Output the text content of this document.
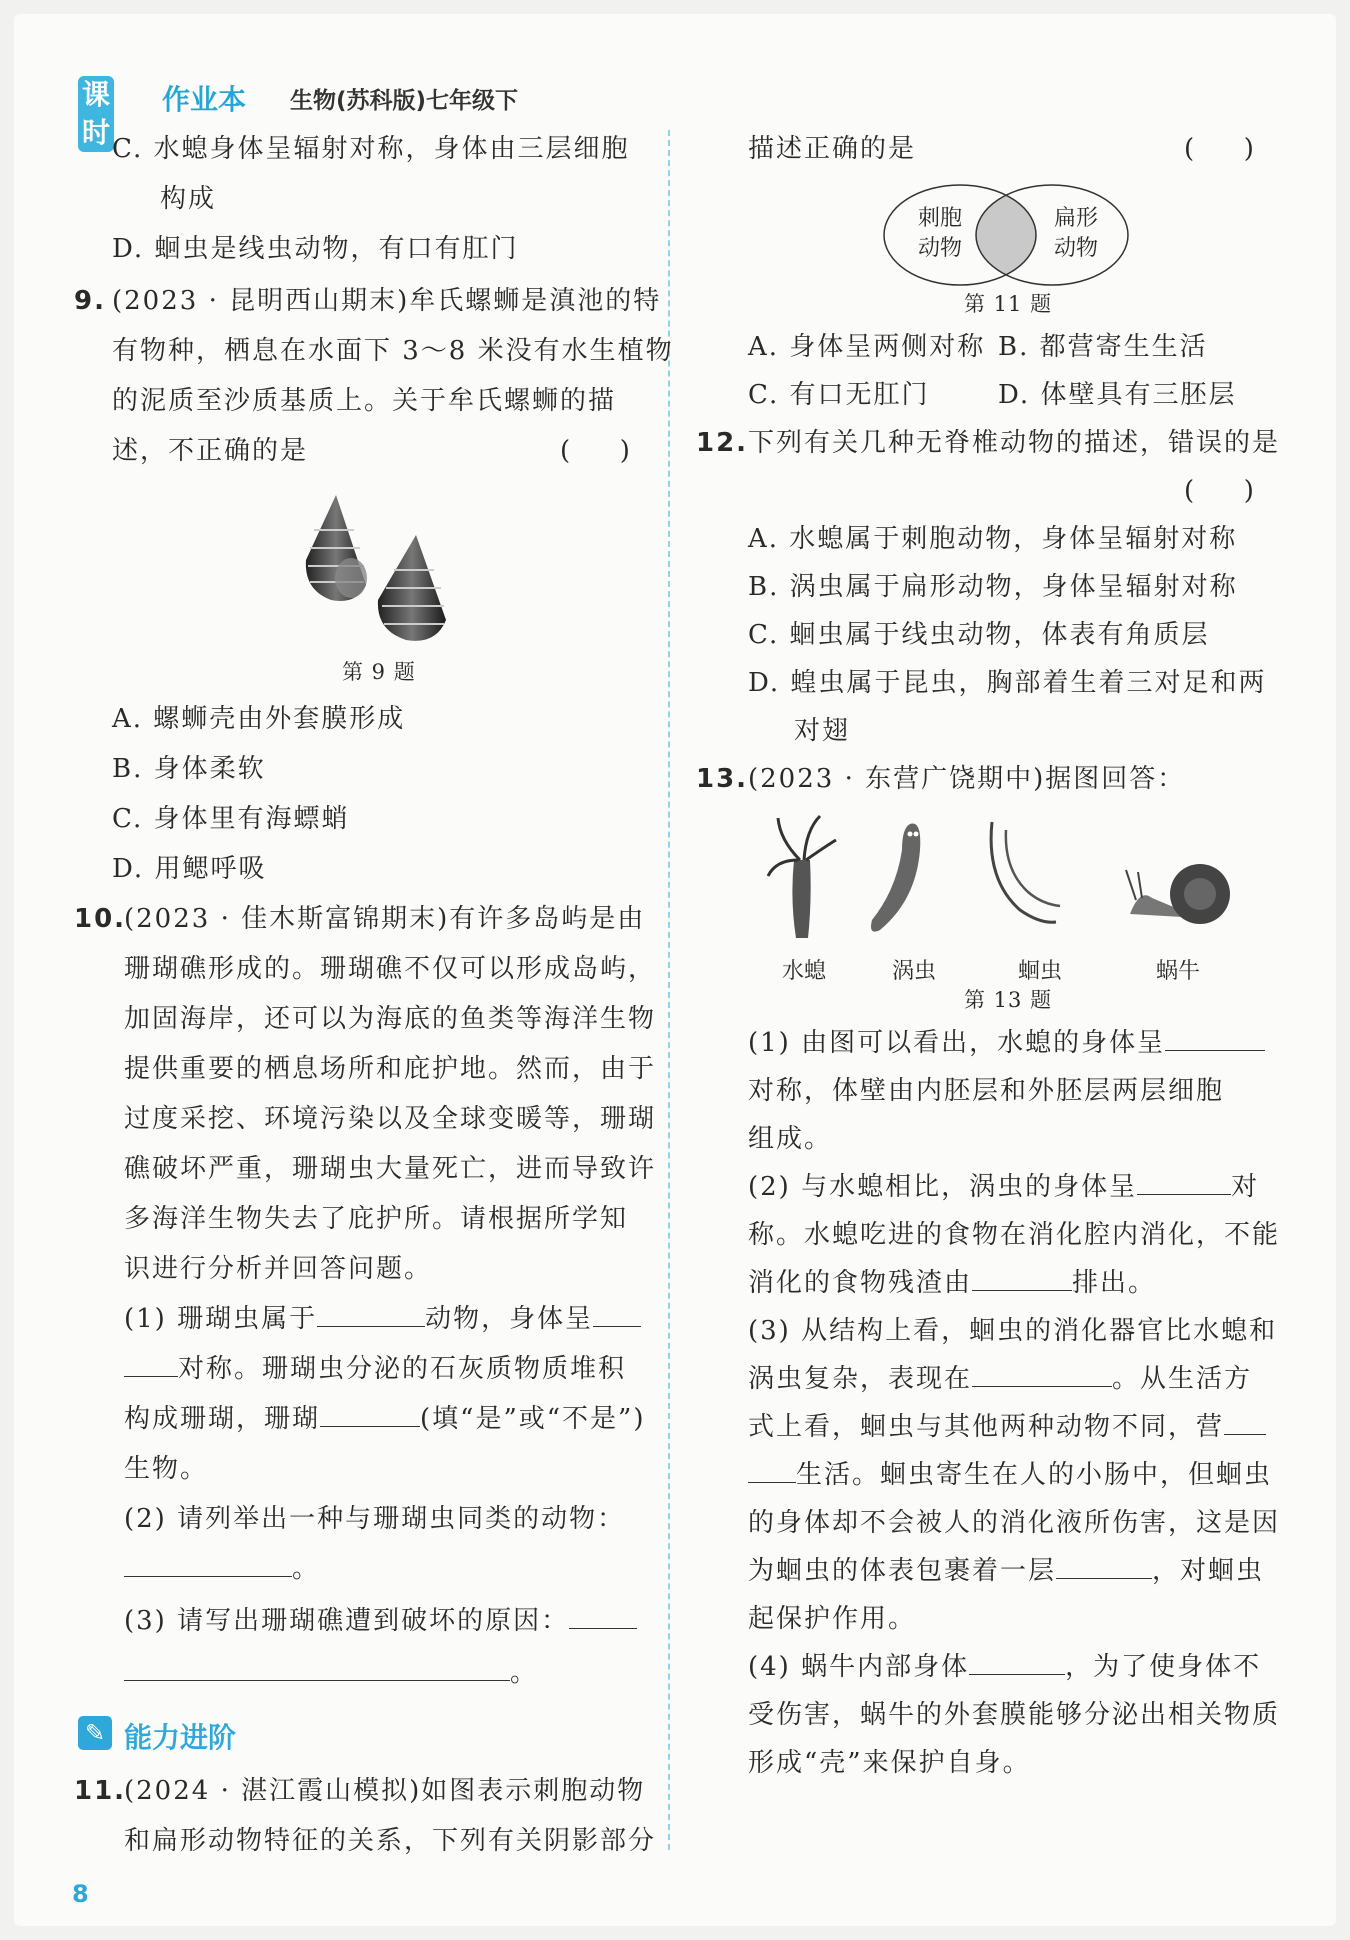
课时
作业本 生物(苏科版)七年级下
C. 水螅身体呈辐射对称，身体由三层细胞
构成
D. 蛔虫是线虫动物，有口有肛门
9. (2023 · 昆明西山期末)牟氏螺蛳是滇池的特
有物种，栖息在水面下 3～8 米没有水生植物
的泥质至沙质基质上。关于牟氏螺蛳的描
述，不正确的是	(      )
第 9 题
A. 螺蛳壳由外套膜形成
B. 身体柔软
C. 身体里有海螵蛸
D. 用鳃呼吸
10.
(2023 · 佳木斯富锦期末)有许多岛屿是由
珊瑚礁形成的。珊瑚礁不仅可以形成岛屿，
加固海岸，还可以为海底的鱼类等海洋生物
提供重要的栖息场所和庇护地。然而，由于
过度采挖、环境污染以及全球变暖等，珊瑚
礁破坏严重，珊瑚虫大量死亡，进而导致许
多海洋生物失去了庇护所。请根据所学知
识进行分析并回答问题。
(1) 珊瑚虫属于	动物，身体呈
对称。珊瑚虫分泌的石灰质物质堆积
构成珊瑚，珊瑚	(填“是”或“不是”)
生物。
(2) 请列举出一种与珊瑚虫同类的动物：
。
(3) 请写出珊瑚礁遭到破坏的原因：
。
✎ 能力进阶
11.
(2024 · 湛江霞山模拟)如图表示刺胞动物
和扁形动物特征的关系，下列有关阴影部分
8
描述正确的是	(      )
刺胞
动物
扁形
动物
第 11 题
A. 身体呈两侧对称 B. 都营寄生生活
C. 有口无肛门	D. 体壁具有三胚层
12. 下列有关几种无脊椎动物的描述，错误的是
(      )
A. 水螅属于刺胞动物，身体呈辐射对称
B. 涡虫属于扁形动物，身体呈辐射对称
C. 蛔虫属于线虫动物，体表有角质层
D. 蝗虫属于昆虫，胸部着生着三对足和两
对翅
13. (2023 · 东营广饶期中)据图回答：
水螅	涡虫	蛔虫	蜗牛
第 13 题
(1) 由图可以看出，水螅的身体呈
对称，体壁由内胚层和外胚层两层细胞
组成。
(2) 与水螅相比，涡虫的身体呈	对
称。水螅吃进的食物在消化腔内消化，不能
消化的食物残渣由	排出。
(3) 从结构上看，蛔虫的消化器官比水螅和
涡虫复杂，表现在	。从生活方
式上看，蛔虫与其他两种动物不同，营
生活。蛔虫寄生在人的小肠中，但蛔虫
的身体却不会被人的消化液所伤害，这是因
为蛔虫的体表包裹着一层	，对蛔虫
起保护作用。
(4) 蜗牛内部身体	，为了使身体不
受伤害，蜗牛的外套膜能够分泌出相关物质
形成“壳”来保护自身。
